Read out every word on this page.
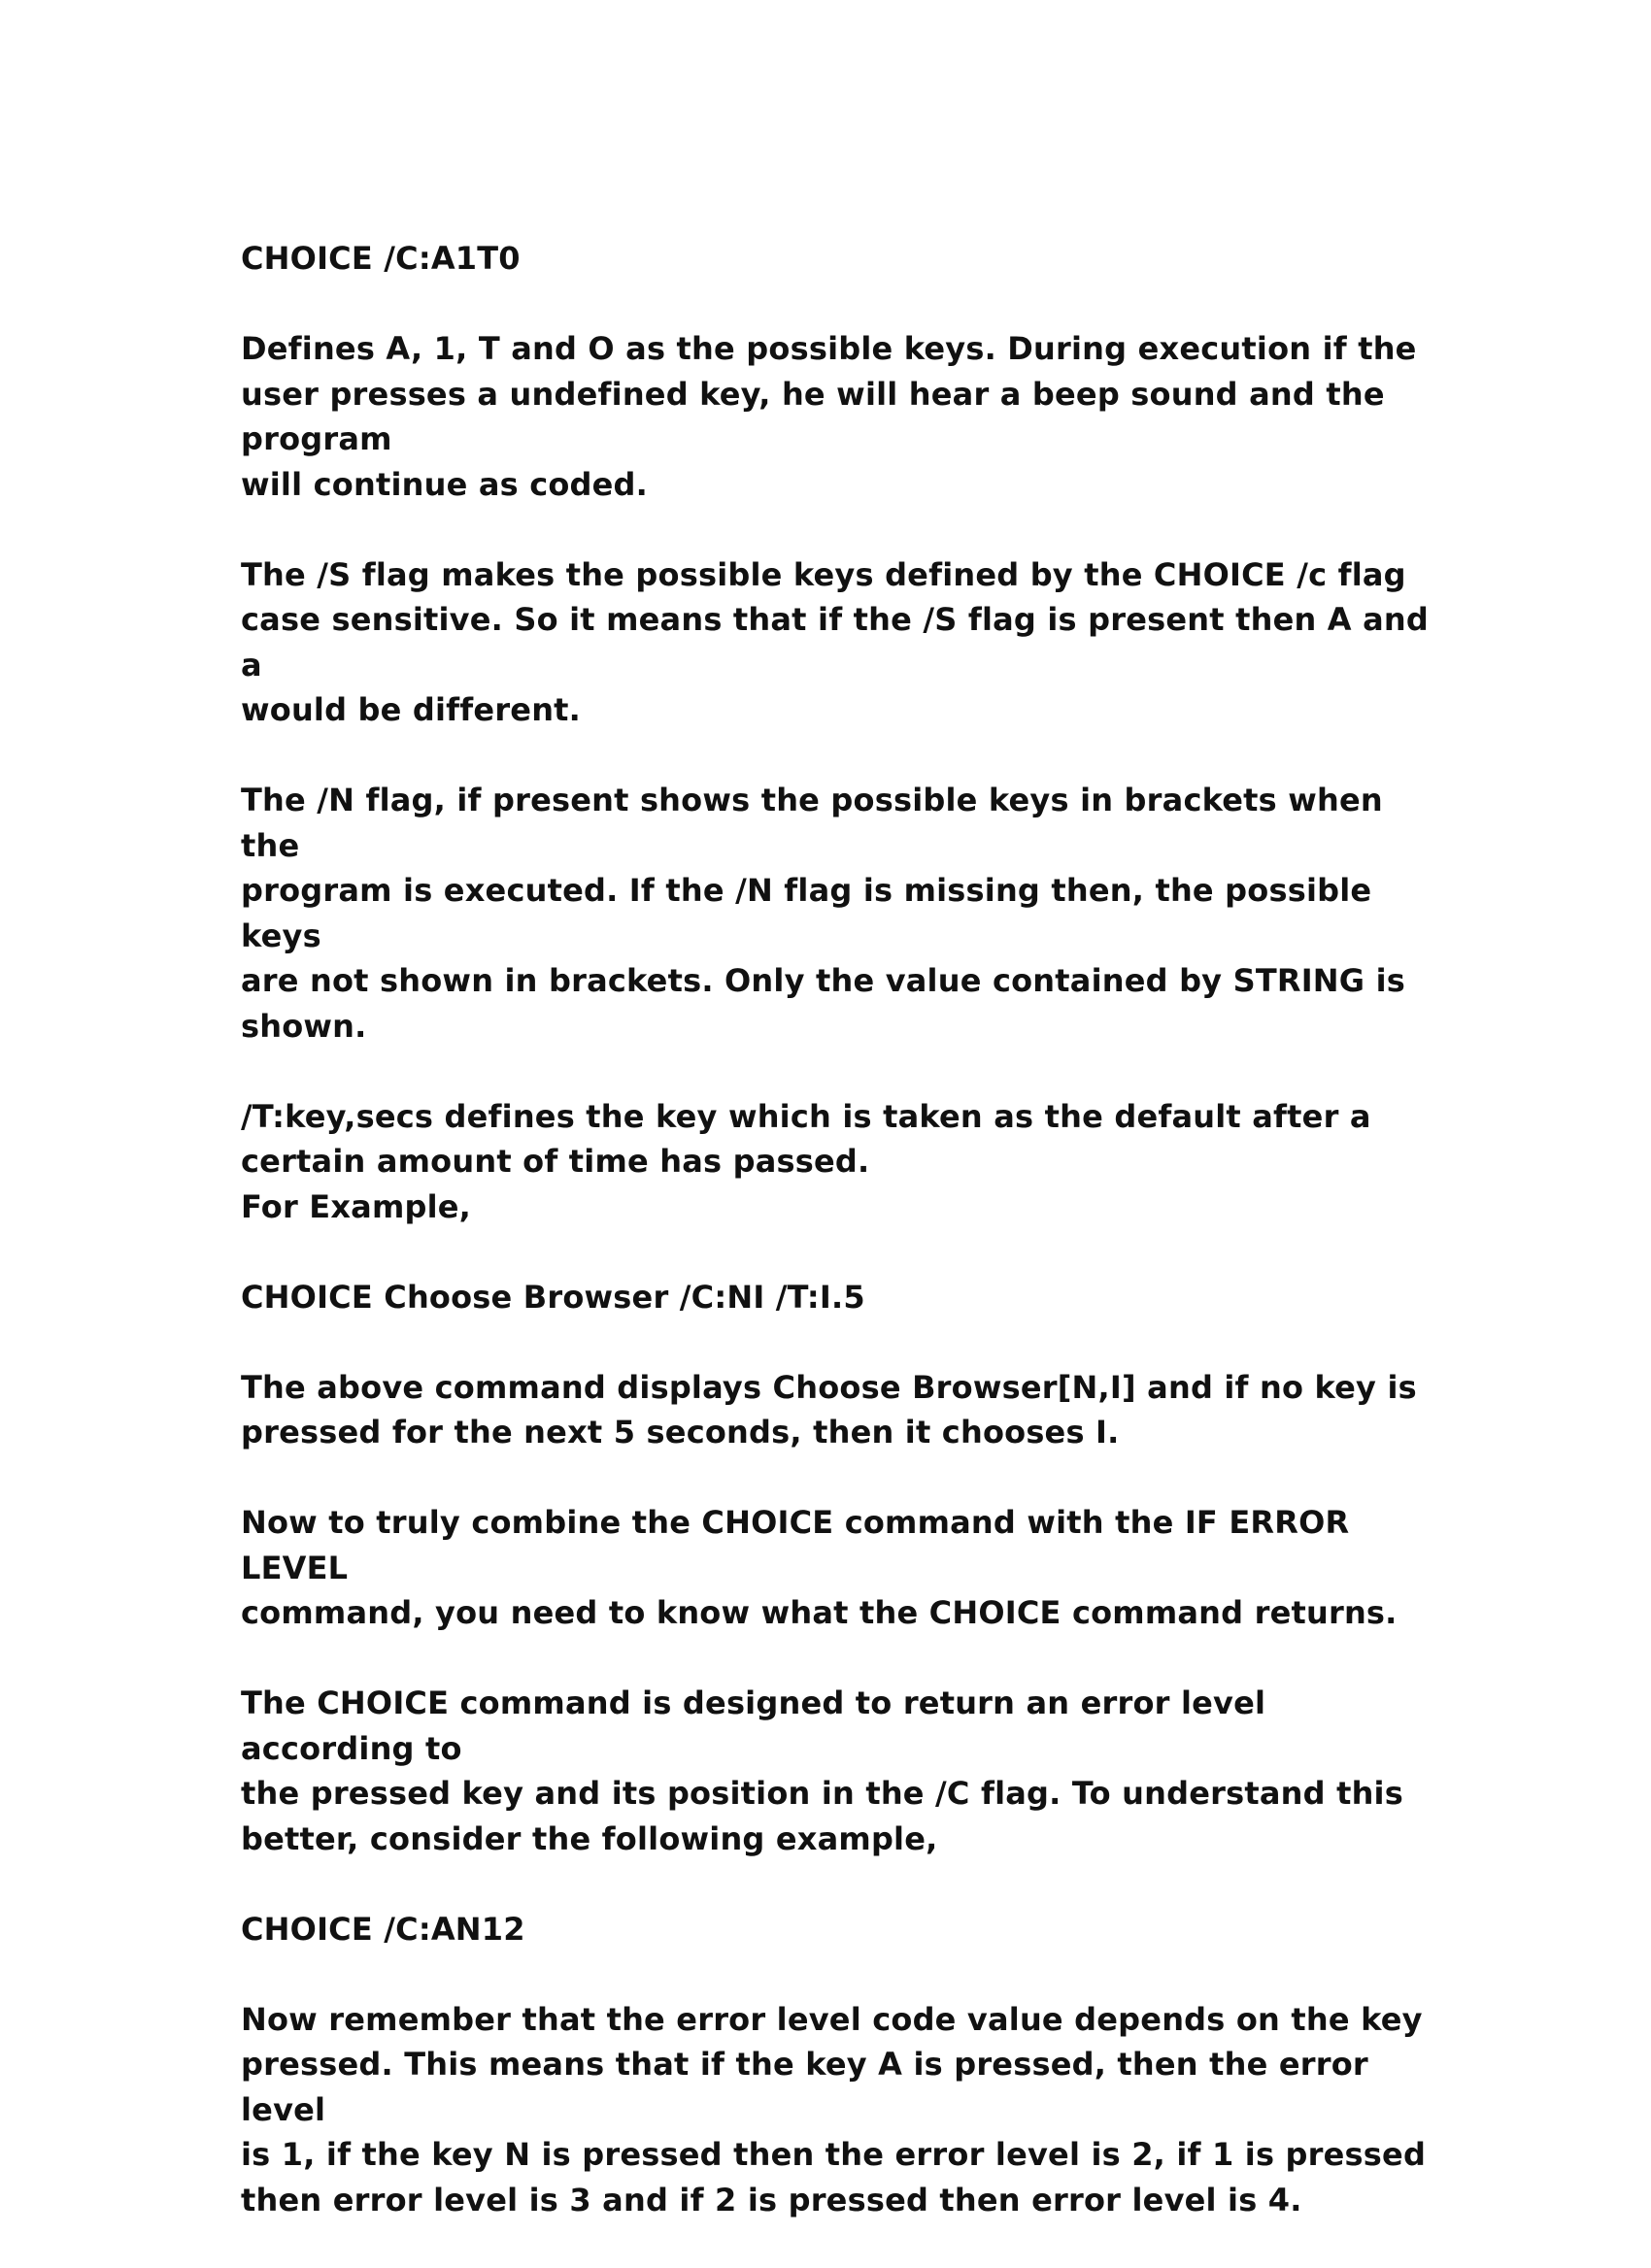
CHOICE /C:A1T0

Defines A, 1, T and O as the possible keys. During execution if the
user presses a undefined key, he will hear a beep sound and the program
will continue as coded.

The /S flag makes the possible keys defined by the CHOICE /c flag
case sensitive. So it means that if the /S flag is present then A and a
would be different.

The /N flag, if present shows the possible keys in brackets when the
program is executed. If the /N flag is missing then, the possible keys
are not shown in brackets. Only the value contained by STRING is
shown.

/T:key,secs defines the key which is taken as the default after a
certain amount of time has passed.
For Example,

CHOICE Choose Browser /C:NI /T:I.5

The above command displays Choose Browser[N,I] and if no key is
pressed for the next 5 seconds, then it chooses I.

Now to truly combine the CHOICE command with the IF ERROR LEVEL
command, you need to know what the CHOICE command returns.

The CHOICE command is designed to return an error level according to
the pressed key and its position in the /C flag. To understand this
better, consider the following example,

CHOICE /C:AN12

Now remember that the error level code value depends on the key
pressed. This means that if the key A is pressed, then the error level
is 1, if the key N is pressed then the error level is 2, if 1 is pressed
then error level is 3 and if 2 is pressed then error level is 4.
